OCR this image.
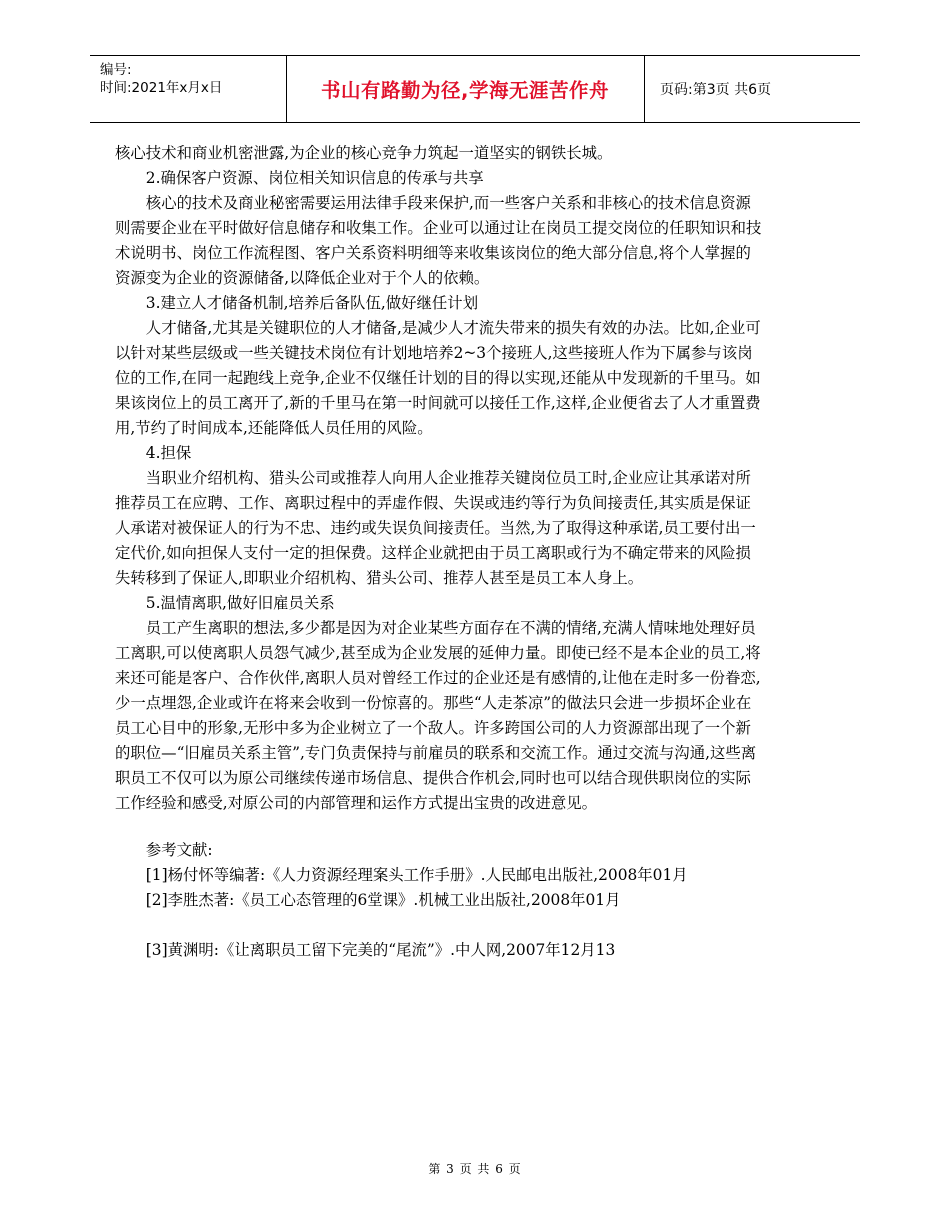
编号:
时间:2021年x月x日	书山有路勤为径,学海无涯苦作舟	页码:第3页 共6页

核心技术和商业机密泄露,为企业的核心竞争力筑起一道坚实的钢铁长城。

2.确保客户资源、岗位相关知识信息的传承与共享

核心的技术及商业秘密需要运用法律手段来保护,而一些客户关系和非核心的技术信息资源则需要企业在平时做好信息储存和收集工作。企业可以通过让在岗员工提交岗位的任职知识和技术说明书、岗位工作流程图、客户关系资料明细等来收集该岗位的绝大部分信息,将个人掌握的资源变为企业的资源储备,以降低企业对于个人的依赖。

3.建立人才储备机制,培养后备队伍,做好继任计划

人才储备,尤其是关键职位的人才储备,是减少人才流失带来的损失有效的办法。比如,企业可以针对某些层级或一些关键技术岗位有计划地培养2~3个接班人,这些接班人作为下属参与该岗位的工作,在同一起跑线上竞争,企业不仅继任计划的目的得以实现,还能从中发现新的千里马。如果该岗位上的员工离开了,新的千里马在第一时间就可以接任工作,这样,企业便省去了人才重置费用,节约了时间成本,还能降低人员任用的风险。

4.担保

当职业介绍机构、猎头公司或推荐人向用人企业推荐关键岗位员工时,企业应让其承诺对所推荐员工在应聘、工作、离职过程中的弄虚作假、失误或违约等行为负间接责任,其实质是保证人承诺对被保证人的行为不忠、违约或失误负间接责任。当然,为了取得这种承诺,员工要付出一定代价,如向担保人支付一定的担保费。这样企业就把由于员工离职或行为不确定带来的风险损失转移到了保证人,即职业介绍机构、猎头公司、推荐人甚至是员工本人身上。

5.温情离职,做好旧雇员关系

员工产生离职的想法,多少都是因为对企业某些方面存在不满的情绪,充满人情味地处理好员工离职,可以使离职人员怨气减少,甚至成为企业发展的延伸力量。即使已经不是本企业的员工,将来还可能是客户、合作伙伴,离职人员对曾经工作过的企业还是有感情的,让他在走时多一份眷恋,少一点埋怨,企业或许在将来会收到一份惊喜的。那些“人走茶凉”的做法只会进一步损坏企业在员工心目中的形象,无形中多为企业树立了一个敌人。许多跨国公司的人力资源部出现了一个新的职位—“旧雇员关系主管”,专门负责保持与前雇员的联系和交流工作。通过交流与沟通,这些离职员工不仅可以为原公司继续传递市场信息、提供合作机会,同时也可以结合现供职岗位的实际工作经验和感受,对原公司的内部管理和运作方式提出宝贵的改进意见。

参考文献:

[1]杨付怀等编著:《人力资源经理案头工作手册》.人民邮电出版社,2008年01月

[2]李胜杰著:《员工心态管理的6堂课》.机械工业出版社,2008年01月

[3]黄渊明:《让离职员工留下完美的“尾流”》.中人网,2007年12月13

第 3 页 共 6 页
